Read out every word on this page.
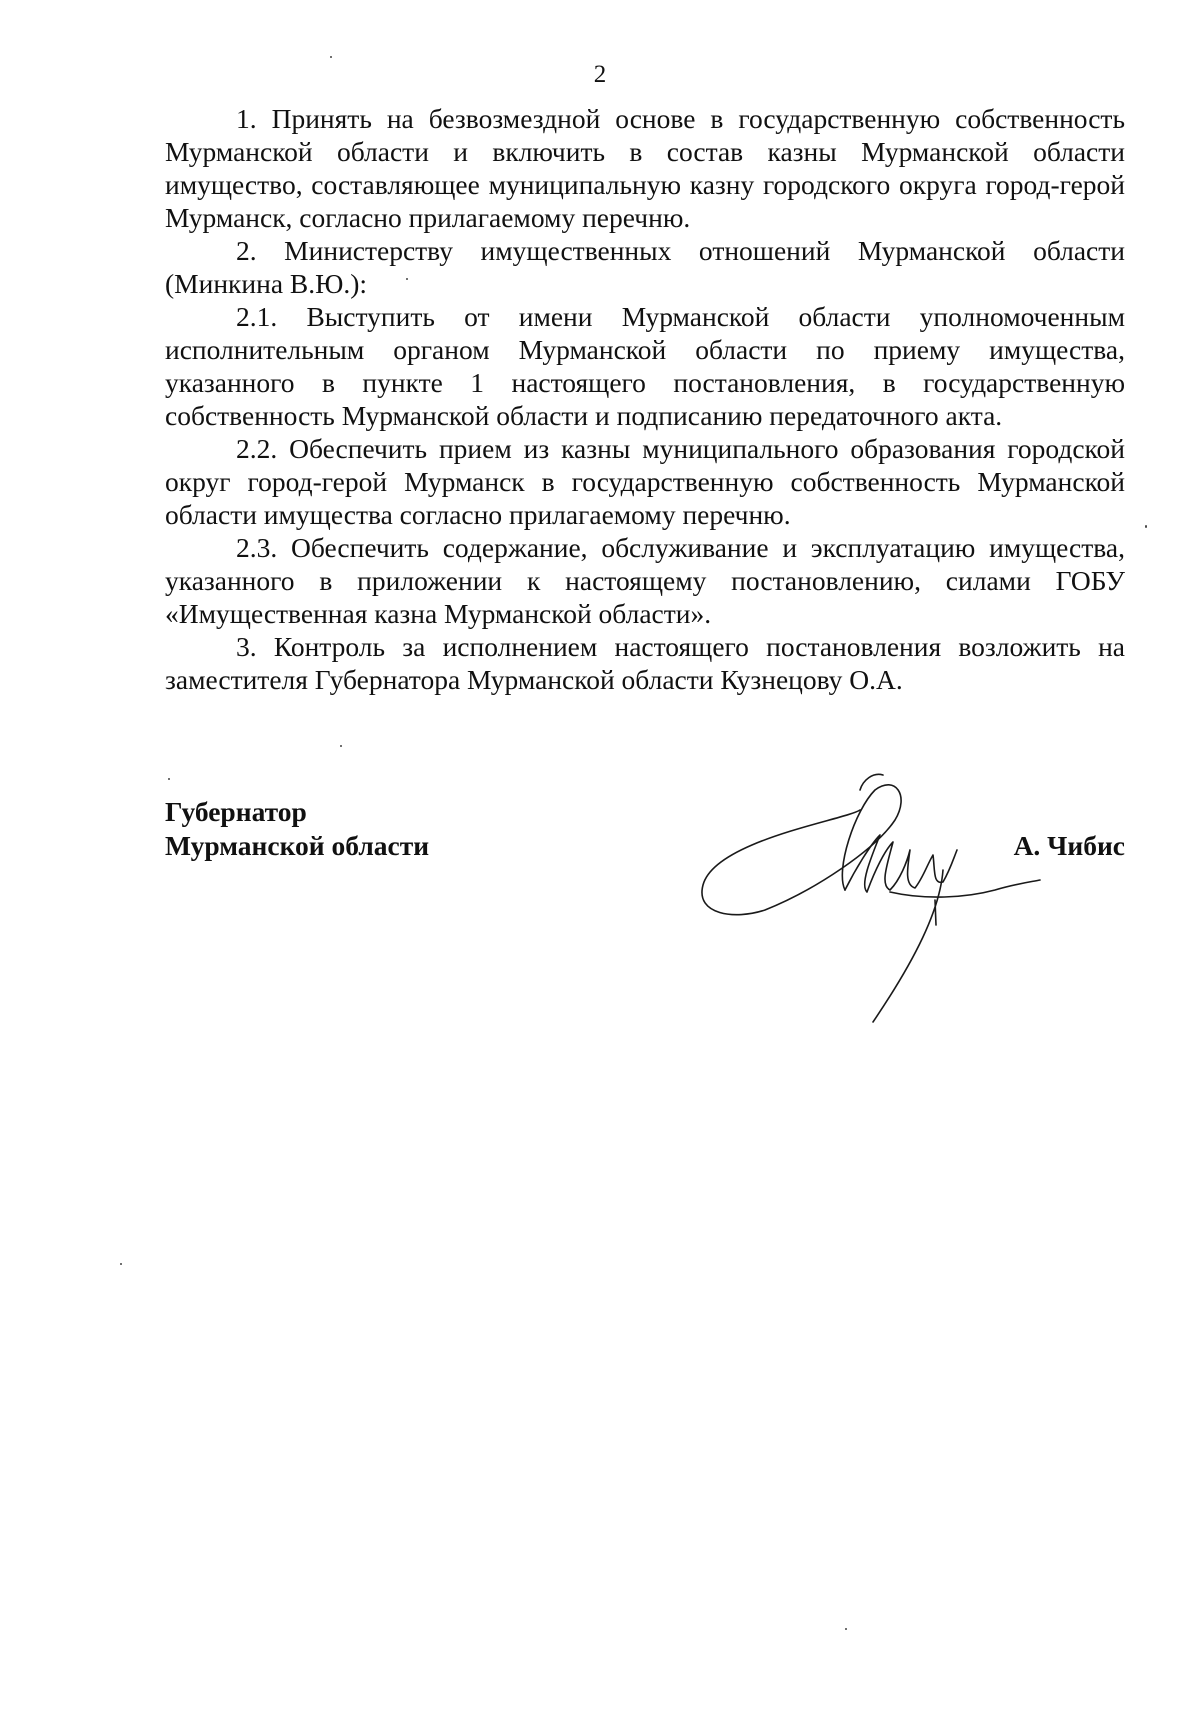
2

1. Принять на безвозмездной основе в государственную собственность Мурманской области и включить в состав казны Мурманской области имущество, составляющее муниципальную казну городского округа город-герой Мурманск, согласно прилагаемому перечню.

2. Министерству имущественных отношений Мурманской области (Минкина В.Ю.):

2.1. Выступить от имени Мурманской области уполномоченным исполнительным органом Мурманской области по приему имущества, указанного в пункте 1 настоящего постановления, в государственную собственность Мурманской области и подписанию передаточного акта.

2.2. Обеспечить прием из казны муниципального образования городской округ город-герой Мурманск в государственную собственность Мурманской области имущества согласно прилагаемому перечню.

2.3. Обеспечить содержание, обслуживание и эксплуатацию имущества, указанного в приложении к настоящему постановлению, силами ГОБУ «Имущественная казна Мурманской области».

3. Контроль за исполнением настоящего постановления возложить на заместителя Губернатора Мурманской области Кузнецову О.А.

Губернатор
Мурманской области	А. Чибис
